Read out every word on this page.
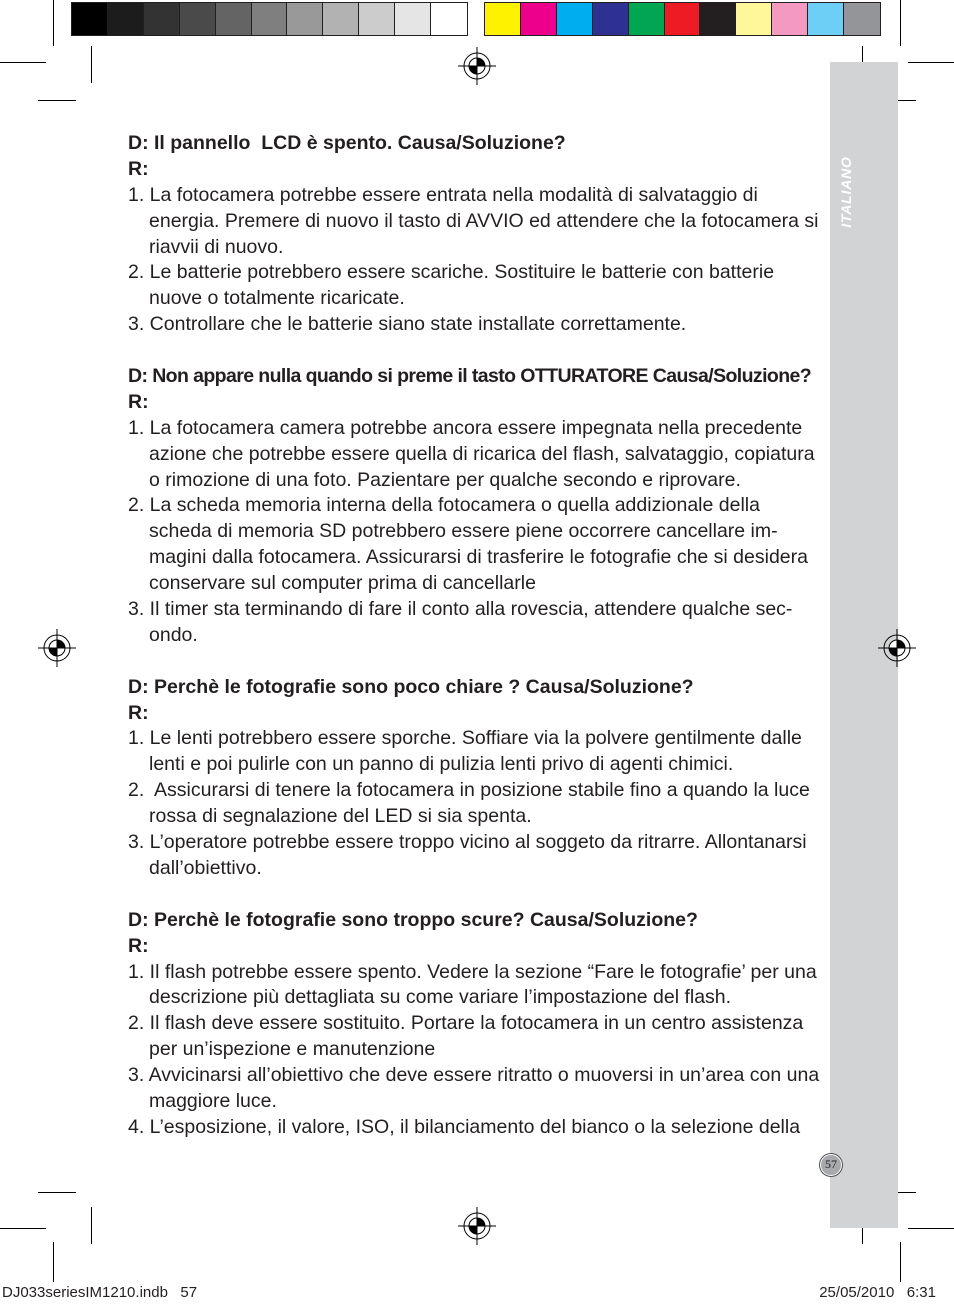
ITALIANO
D: Il pannello  LCD è spento. Causa/Soluzione?
R:
1. La fotocamera potrebbe essere entrata nella modalità di salvataggio di
energia. Premere di nuovo il tasto di AVVIO ed attendere che la fotocamera si
riavvii di nuovo.
2. Le batterie potrebbero essere scariche. Sostituire le batterie con batterie
nuove o totalmente ricaricate.
3. Controllare che le batterie siano state installate correttamente.
D: Non appare nulla quando si preme il tasto OTTURATORE Causa/Soluzione?
R:
1. La fotocamera camera potrebbe ancora essere impegnata nella precedente
azione che potrebbe essere quella di ricarica del flash, salvataggio, copiatura
o rimozione di una foto. Pazientare per qualche secondo e riprovare.
2. La scheda memoria interna della fotocamera o quella addizionale della
scheda di memoria SD potrebbero essere piene occorrere cancellare im-
magini dalla fotocamera. Assicurarsi di trasferire le fotografie che si desidera
conservare sul computer prima di cancellarle
3. Il timer sta terminando di fare il conto alla rovescia, attendere qualche sec-
ondo.
D: Perchè le fotografie sono poco chiare ? Causa/Soluzione?
R:
1. Le lenti potrebbero essere sporche. Soffiare via la polvere gentilmente dalle
lenti e poi pulirle con un panno di pulizia lenti privo di agenti chimici.
2.  Assicurarsi di tenere la fotocamera in posizione stabile fino a quando la luce
rossa di segnalazione del LED si sia spenta.
3. L’operatore potrebbe essere troppo vicino al soggeto da ritrarre. Allontanarsi
dall’obiettivo.
D: Perchè le fotografie sono troppo scure? Causa/Soluzione?
R:
1. Il flash potrebbe essere spento. Vedere la sezione “Fare le fotografie’ per una
descrizione più dettagliata su come variare l’impostazione del flash.
2. Il flash deve essere sostituito. Portare la fotocamera in un centro assistenza
per un’ispezione e manutenzione
3. Avvicinarsi all’obiettivo che deve essere ritratto o muoversi in un’area con una
maggiore luce.
4. L’esposizione, il valore, ISO, il bilanciamento del bianco o la selezione della
57
DJ033seriesIM1210.indb   57	25/05/2010   6:31
